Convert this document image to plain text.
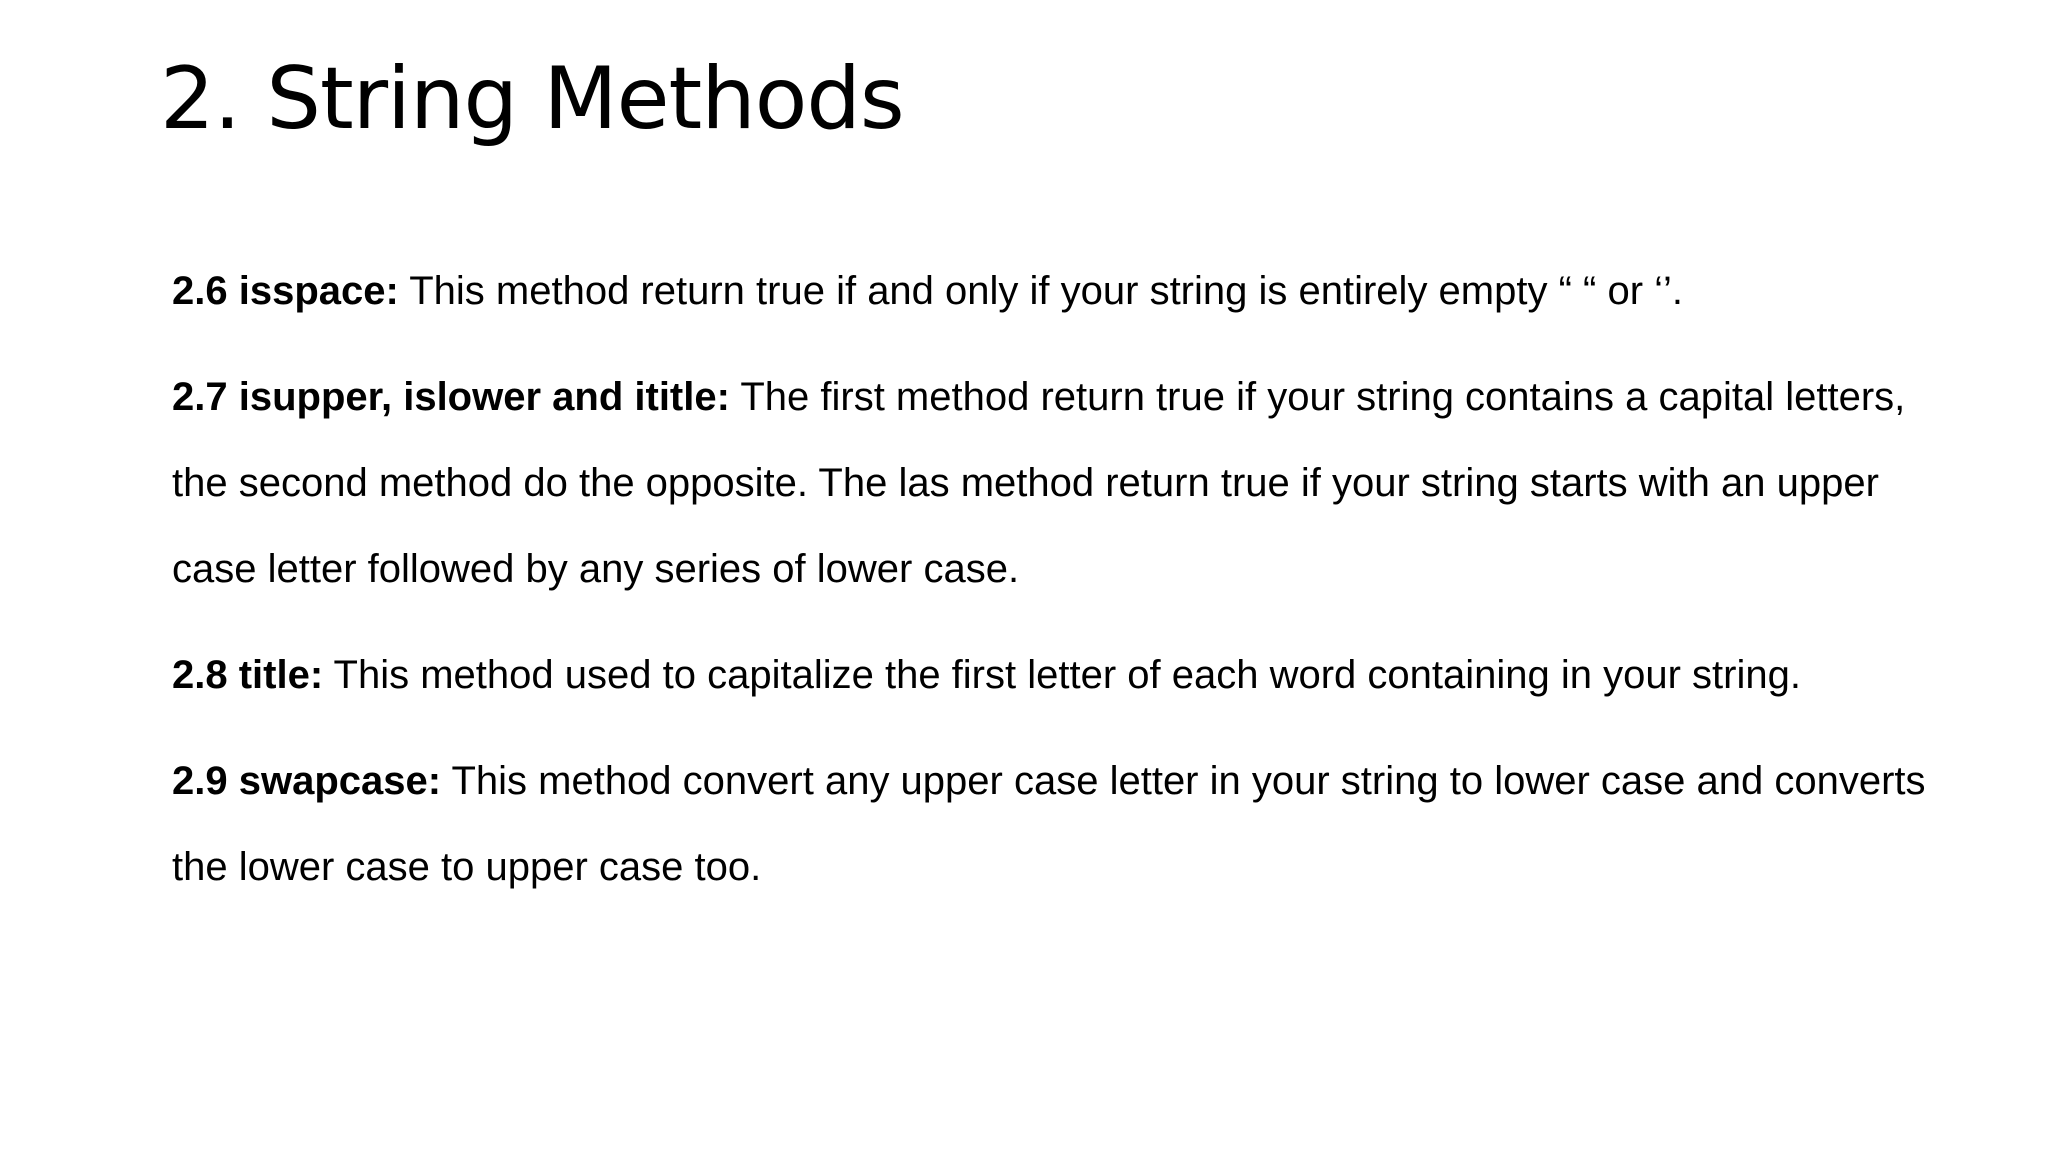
2. String Methods

2.6 isspace: This method return true if and only if your string is entirely empty “ “ or ‘’.

2.7 isupper, islower and ititle: The first method return true if your string contains a capital letters, the second method do the opposite. The las method return true if your string starts with an upper case letter followed by any series of lower case.

2.8 title: This method used to capitalize the first letter of each word containing in your string.

2.9 swapcase: This method convert any upper case letter in your string to lower case and converts the lower case to upper case too.
